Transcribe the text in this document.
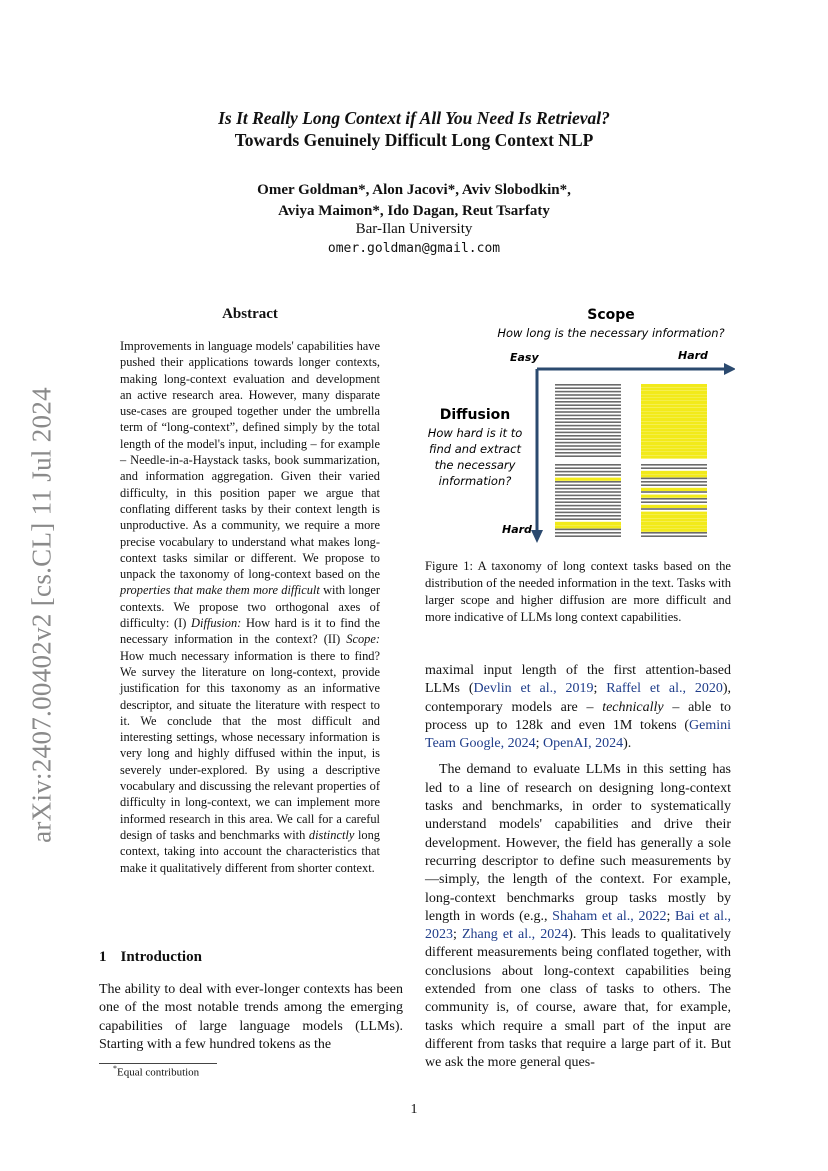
arXiv:2407.00402v2 [cs.CL] 11 Jul 2024
Is It Really Long Context if All You Need Is Retrieval?
Towards Genuinely Difficult Long Context NLP
Omer Goldman*, Alon Jacovi*, Aviv Slobodkin*,
Aviya Maimon*, Ido Dagan, Reut Tsarfaty
Bar-Ilan University
omer.goldman@gmail.com
Abstract
Improvements in language models' capabilities have pushed their applications towards longer contexts, making long-context evaluation and development an active research area. However, many disparate use-cases are grouped together under the umbrella term of “long-context”, defined simply by the total length of the model's input, including – for example – Needle-in-a-Haystack tasks, book summarization, and information aggregation. Given their varied difficulty, in this position paper we argue that conflating different tasks by their context length is unproductive. As a community, we require a more precise vocabulary to understand what makes long-context tasks similar or different. We propose to unpack the taxonomy of long-context based on the properties that make them more difficult with longer contexts. We propose two orthogonal axes of difficulty: (I) Diffusion: How hard is it to find the necessary information in the context? (II) Scope: How much necessary information is there to find? We survey the literature on long-context, provide justification for this taxonomy as an informative descriptor, and situate the literature with respect to it. We conclude that the most difficult and interesting settings, whose necessary information is very long and highly diffused within the input, is severely under-explored. By using a descriptive vocabulary and discussing the relevant properties of difficulty in long-context, we can implement more informed research in this area. We call for a careful design of tasks and benchmarks with distinctly long context, taking into account the characteristics that make it qualitatively different from shorter context.
1 Introduction
The ability to deal with ever-longer contexts has been one of the most notable trends among the emerging capabilities of large language models (LLMs). Starting with a few hundred tokens as the
*Equal contribution
Scope
How long is the necessary information?
Easy	Hard
Hard
Diffusion
How hard is it to
find and extract
the necessary
information?
Figure 1: A taxonomy of long context tasks based on the distribution of the needed information in the text. Tasks with larger scope and higher diffusion are more difficult and more indicative of LLMs long context capabilities.

maximal input length of the first attention-based LLMs (Devlin et al., 2019; Raffel et al., 2020), contemporary models are – technically – able to process up to 128k and even 1M tokens (Gemini Team Google, 2024; OpenAI, 2024).

The demand to evaluate LLMs in this setting has led to a line of research on designing long-context tasks and benchmarks, in order to systematically understand models' capabilities and drive their development. However, the field has generally a sole recurring descriptor to define such measurements by—simply, the length of the context. For example, long-context benchmarks group tasks mostly by length in words (e.g., Shaham et al., 2022; Bai et al., 2023; Zhang et al., 2024). This leads to qualitatively different measurements being conflated together, with conclusions about long-context capabilities being extended from one class of tasks to others. The community is, of course, aware that, for example, tasks which require a small part of the input are different from tasks that require a large part of it. But we ask the more general ques-

1
